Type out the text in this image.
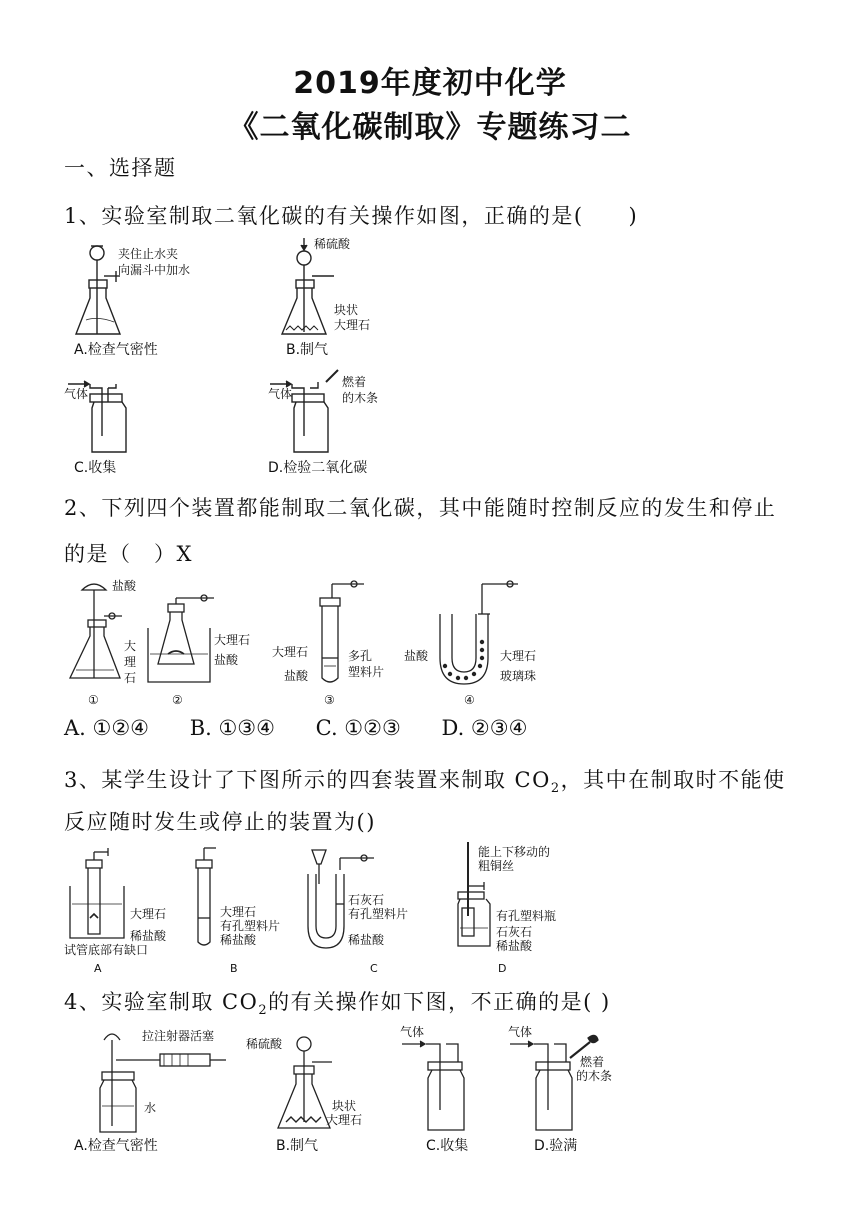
2019年度初中化学
《二氧化碳制取》专题练习二
一、选择题
1、实验室制取二氧化碳的有关操作如图，正确的是(　　)
夹住止水夹
向漏斗中加水
A.检查气密性
稀硫酸
块状
大理石
B.制气
气体
C.收集
气体
燃着
的木条
D.检验二氧化碳
2、下列四个装置都能制取二氧化碳，其中能随时控制反应的发生和停止
的是（　）X
盐酸
大
理
石
①
大理石
盐酸
②
大理石	多孔
塑料片
盐酸
③
盐酸	大理石
玻璃珠
④
A. ①②④ B. ①③④ C. ①②③ D. ②③④
3、某学生设计了下图所示的四套装置来制取 $CO_2$，其中在制取时不能使
反应随时发生或停止的装置为()
大理石
稀盐酸
试管底部有缺口
A
大理石
有孔塑料片
稀盐酸
B
石灰石
有孔塑料片
稀盐酸
C
能上下移动的
粗铜丝
有孔塑料瓶
石灰石
稀盐酸
D
4、实验室制取 $CO_2$的有关操作如下图，不正确的是( )
拉注射器活塞
水
A.检查气密性
稀硫酸
块状
大理石
B.制气
气体
C.收集
气体
燃着
的木条
D.验满
